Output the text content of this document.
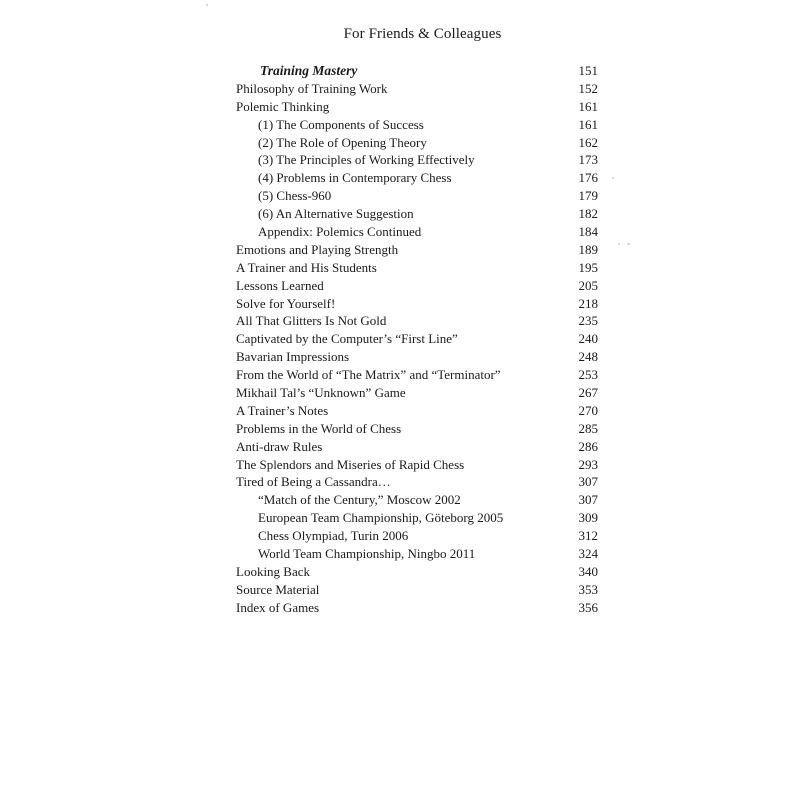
For Friends & Colleagues
Training Mastery	151
Philosophy of Training Work	152
Polemic Thinking	161
(1) The Components of Success	161
(2) The Role of Opening Theory	162
(3) The Principles of Working Effectively	173
(4) Problems in Contemporary Chess	176
(5) Chess-960	179
(6) An Alternative Suggestion	182
Appendix: Polemics Continued	184
Emotions and Playing Strength	189
A Trainer and His Students	195
Lessons Learned	205
Solve for Yourself!	218
All That Glitters Is Not Gold	235
Captivated by the Computer’s “First Line”	240
Bavarian Impressions	248
From the World of “The Matrix” and “Terminator”	253
Mikhail Tal’s “Unknown” Game	267
A Trainer’s Notes	270
Problems in the World of Chess	285
Anti-draw Rules	286
The Splendors and Miseries of Rapid Chess	293
Tired of Being a Cassandra…	307
“Match of the Century,” Moscow 2002	307
European Team Championship, Göteborg 2005	309
Chess Olympiad, Turin 2006	312
World Team Championship, Ningbo 2011	324
Looking Back	340
Source Material	353
Index of Games	356
